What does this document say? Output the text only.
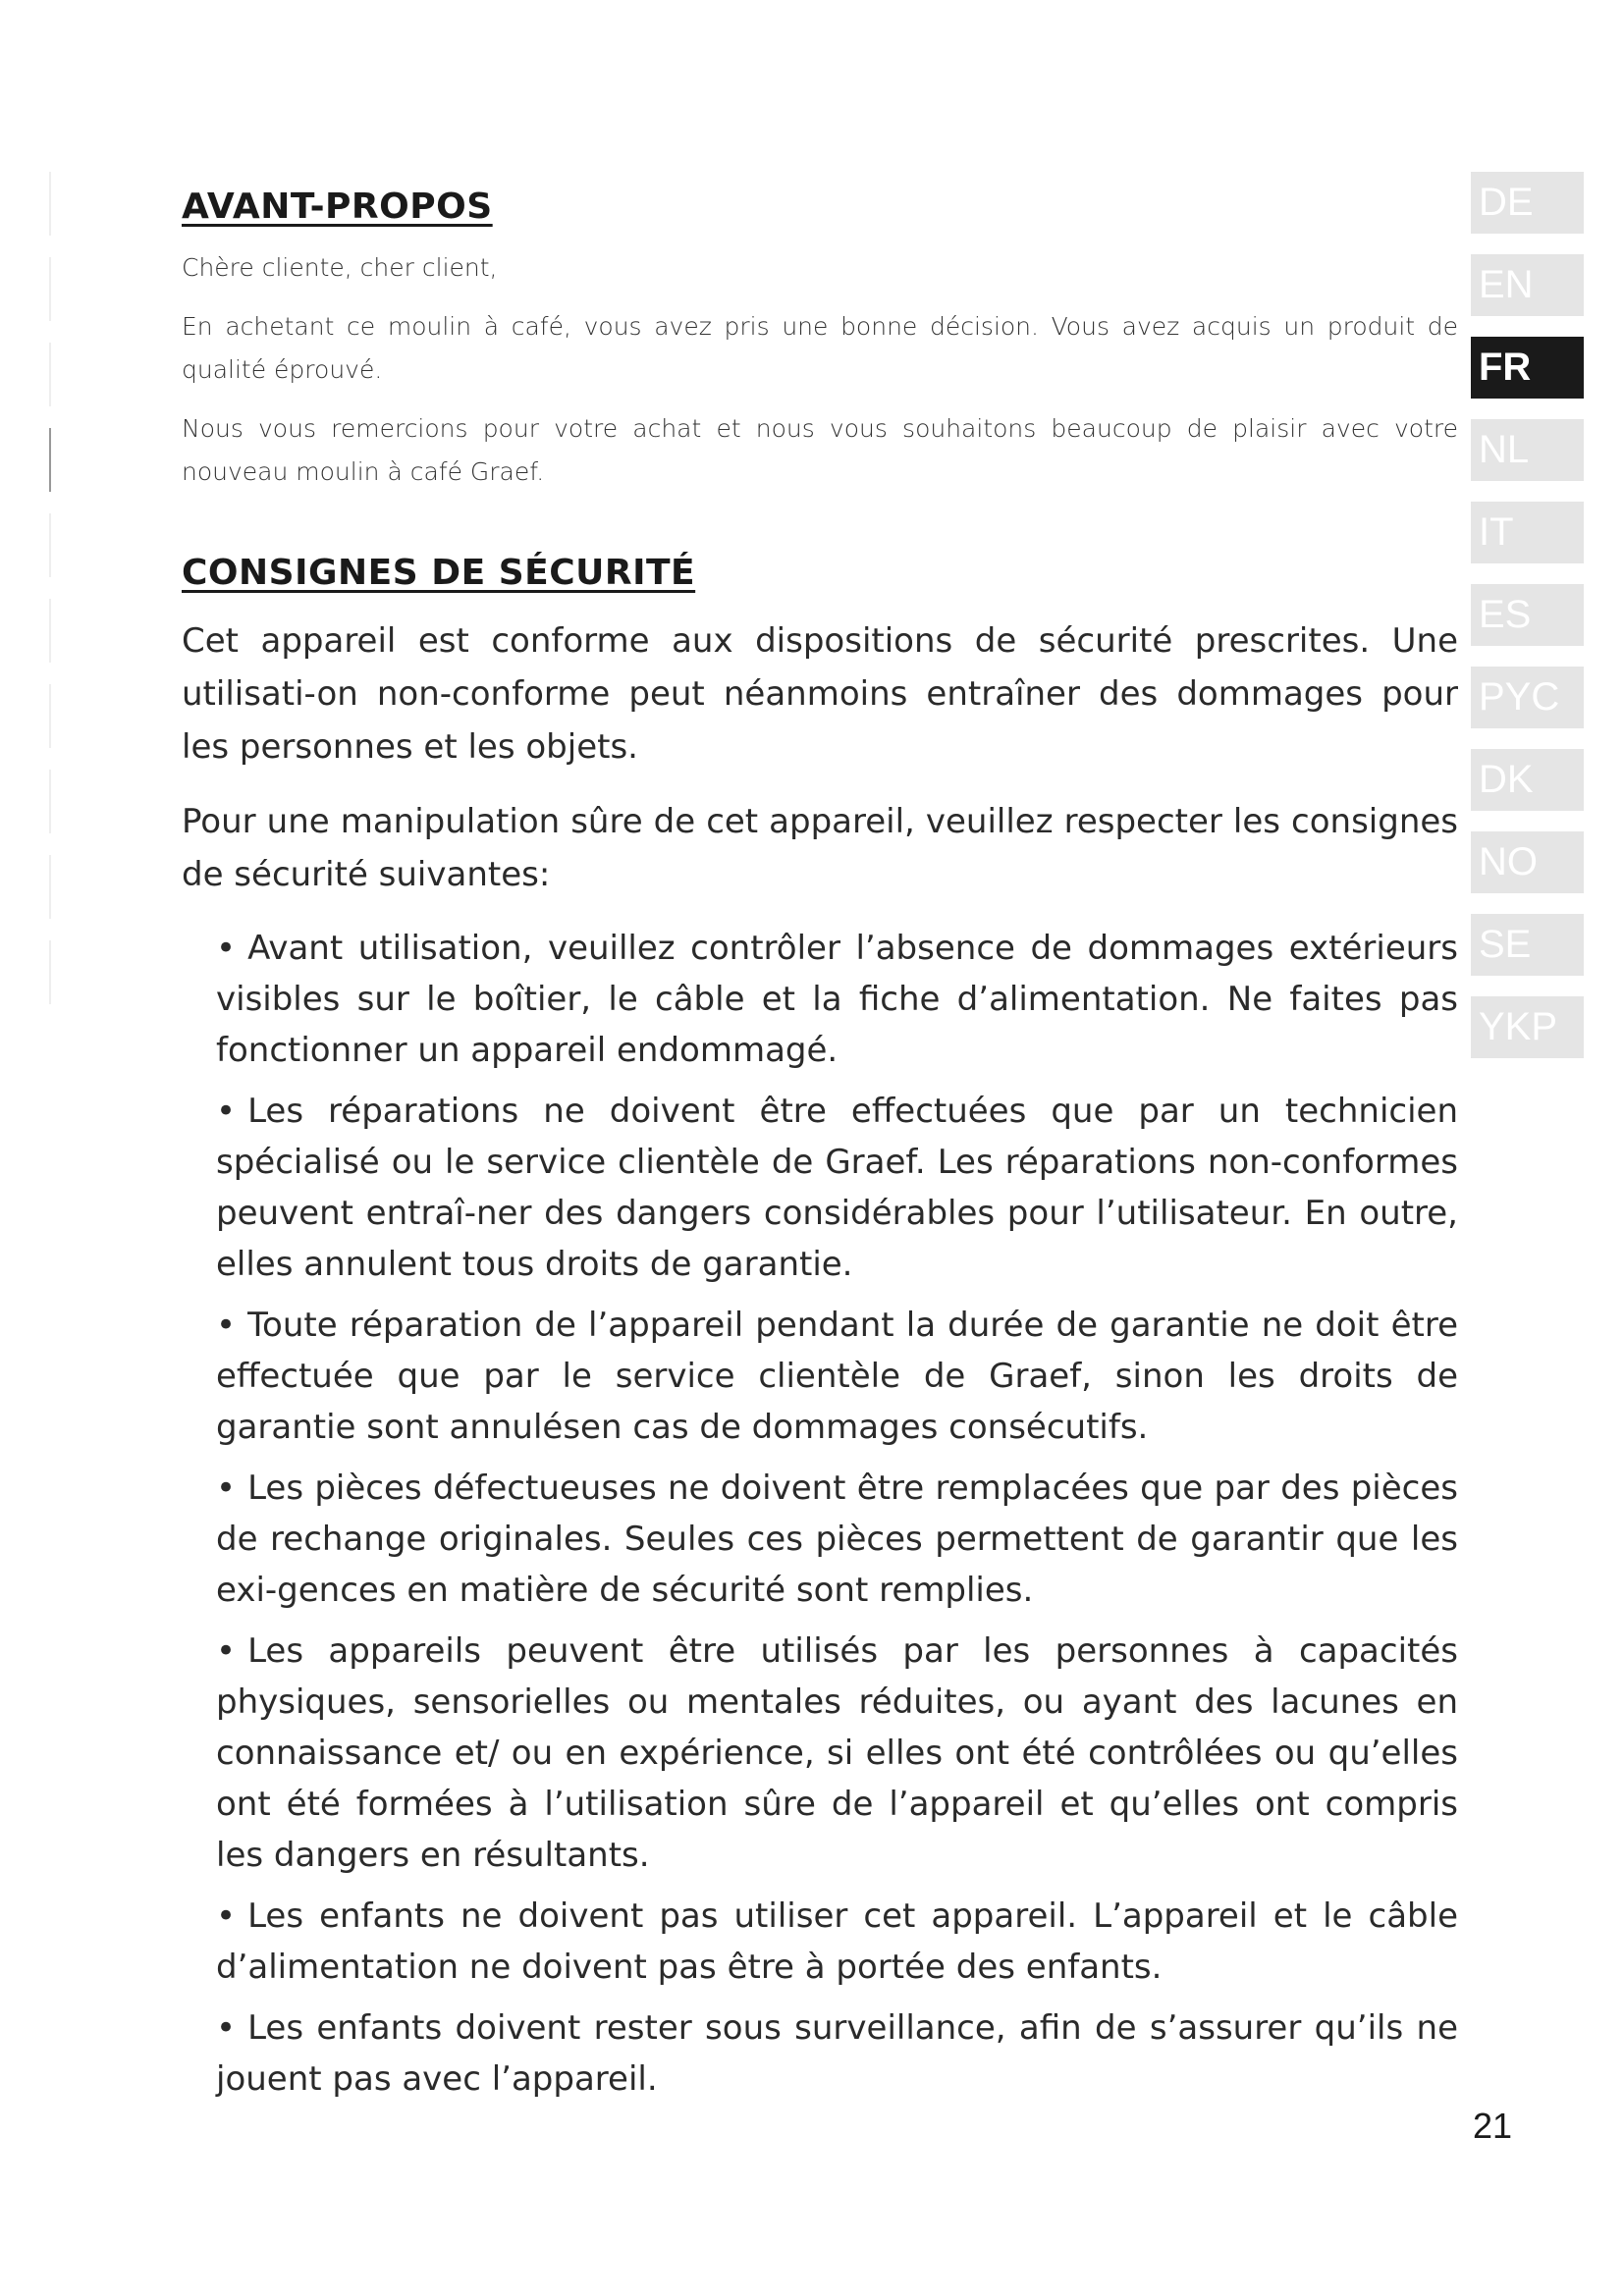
AVANT-PROPOS

Chère cliente, cher client,

En achetant ce moulin à café, vous avez pris une bonne décision. Vous avez acquis un produit de qualité éprouvé.

Nous vous remercions pour votre achat et nous vous souhaitons beaucoup de plaisir avec votre nouveau moulin à café Graef.

CONSIGNES DE SÉCURITÉ

Cet appareil est conforme aux dispositions de sécurité prescrites. Une utilisati-on non-conforme peut néanmoins entraîner des dommages pour les personnes et les objets.

Pour une manipulation sûre de cet appareil, veuillez respecter les consignes de sécurité suivantes:

• Avant utilisation, veuillez contrôler l’absence de dommages extérieurs visibles sur le boîtier, le câble et la fiche d’alimentation. Ne faites pas fonctionner un appareil endommagé.
• Les réparations ne doivent être effectuées que par un technicien spécialisé ou le service clientèle de Graef. Les réparations non-conformes peuvent entraî-ner des dangers considérables pour l’utilisateur. En outre, elles annulent tous droits de garantie.
• Toute réparation de l’appareil pendant la durée de garantie ne doit être effectuée que par le service clientèle de Graef, sinon les droits de garantie sont annulésen cas de dommages consécutifs.
• Les pièces défectueuses ne doivent être remplacées que par des pièces de rechange originales. Seules ces pièces permettent de garantir que les exi-gences en matière de sécurité sont remplies.
• Les appareils peuvent être utilisés par les personnes à capacités physiques, sensorielles ou mentales réduites, ou ayant des lacunes en connaissance et/ ou en expérience, si elles ont été contrôlées ou qu’elles ont été formées à l’utilisation sûre de l’appareil et qu’elles ont compris les dangers en résultants.
• Les enfants ne doivent pas utiliser cet appareil. L’appareil et le câble d’alimentation ne doivent pas être à portée des enfants.
• Les enfants doivent rester sous surveillance, afin de s’assurer qu’ils ne jouent pas avec l’appareil.
DE
EN
FR
NL
IT
ES
PYC
DK
NO
SE
YKP
21
